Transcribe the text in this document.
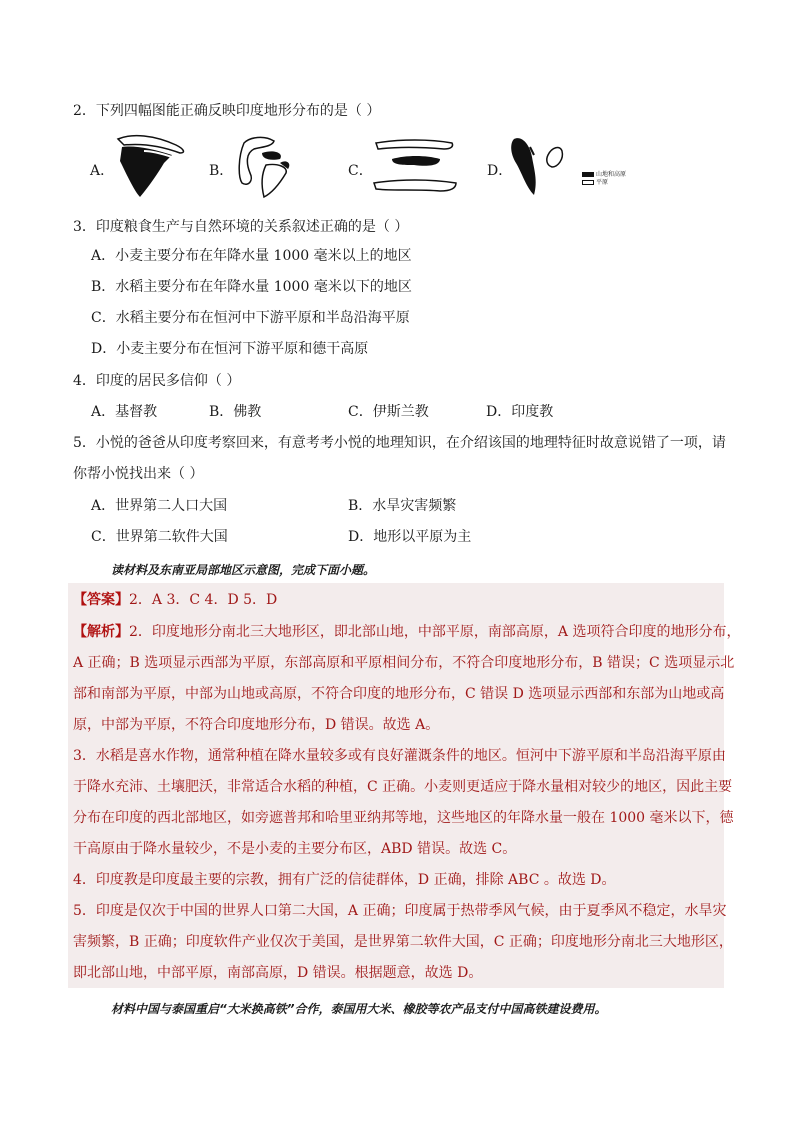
2．下列四幅图能正确反映印度地形分布的是（ ）
A．	B．	C．	D．	山地和高原
平原
3．印度粮食生产与自然环境的关系叙述正确的是（ ）
A．小麦主要分布在年降水量 1000 毫米以上的地区
B．水稻主要分布在年降水量 1000 毫米以下的地区
C．水稻主要分布在恒河中下游平原和半岛沿海平原
D．小麦主要分布在恒河下游平原和德干高原
4．印度的居民多信仰（ ）
A．基督教	B．佛教	C．伊斯兰教	D．印度教
5．小悦的爸爸从印度考察回来，有意考考小悦的地理知识，在介绍该国的地理特征时故意说错了一项，请
你帮小悦找出来（ ）
A．世界第二人口大国	B．水旱灾害频繁
C．世界第二软件大国	D．地形以平原为主
读材料及东南亚局部地区示意图，完成下面小题。
【答案】2．A 3．C 4．D 5．D
【解析】2．印度地形分南北三大地形区，即北部山地，中部平原，南部高原，A 选项符合印度的地形分布，
A 正确；B 选项显示西部为平原，东部高原和平原相间分布，不符合印度地形分布，B 错误；C 选项显示北
部和南部为平原，中部为山地或高原，不符合印度的地形分布，C 错误 D 选项显示西部和东部为山地或高
原，中部为平原，不符合印度地形分布，D 错误。故选 A。
3．水稻是喜水作物，通常种植在降水量较多或有良好灌溉条件的地区。恒河中下游平原和半岛沿海平原由
于降水充沛、土壤肥沃，非常适合水稻的种植，C 正确。小麦则更适应于降水量相对较少的地区，因此主要
分布在印度的西北部地区，如旁遮普邦和哈里亚纳邦等地，这些地区的年降水量一般在 1000 毫米以下，德
干高原由于降水量较少，不是小麦的主要分布区，ABD 错误。故选 C。
4．印度教是印度最主要的宗教，拥有广泛的信徒群体，D 正确，排除 ABC 。故选 D。
5．印度是仅次于中国的世界人口第二大国，A 正确；印度属于热带季风气候，由于夏季风不稳定，水旱灾
害频繁，B 正确；印度软件产业仅次于美国，是世界第二软件大国，C 正确；印度地形分南北三大地形区，
即北部山地，中部平原，南部高原，D 错误。根据题意，故选 D。
材料中国与泰国重启“大米换高铁”合作，泰国用大米、橡胶等农产品支付中国高铁建设费用。
